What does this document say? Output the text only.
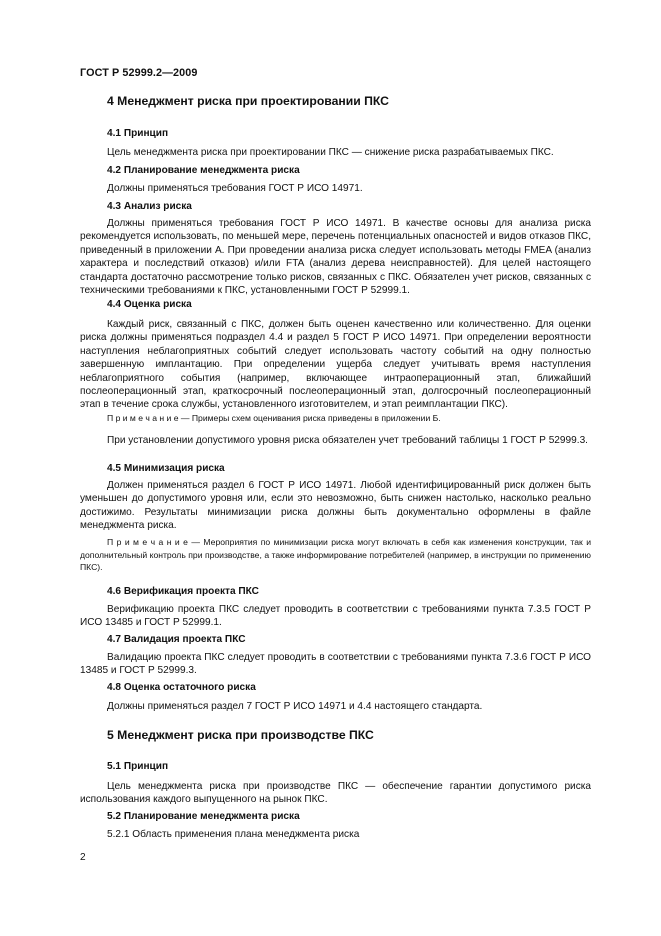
ГОСТ Р 52999.2—2009
4 Менеджмент риска при проектировании ПКС
4.1 Принцип
Цель менеджмента риска при проектировании ПКС — снижение риска разрабатываемых ПКС.
4.2 Планирование менеджмента риска
Должны применяться требования ГОСТ Р ИСО 14971.
4.3 Анализ риска
Должны применяться требования ГОСТ Р ИСО 14971. В качестве основы для анализа риска рекомендуется использовать, по меньшей мере, перечень потенциальных опасностей и видов отказов ПКС, приведенный в приложении А. При проведении анализа риска следует использовать методы FMEA (анализ характера и последствий отказов) и/или FTA (анализ дерева неисправностей). Для целей настоящего стандарта достаточно рассмотрение только рисков, связанных с ПКС. Обязателен учет рисков, связанных с техническими требованиями к ПКС, установленными ГОСТ Р 52999.1.
4.4 Оценка риска
Каждый риск, связанный с ПКС, должен быть оценен качественно или количественно. Для оценки риска должны применяться подраздел 4.4 и раздел 5 ГОСТ Р ИСО 14971. При определении вероятности наступления неблагоприятных событий следует использовать частоту событий на одну полностью завершенную имплантацию. При определении ущерба следует учитывать время наступления неблагоприятного события (например, включающее интраоперационный этап, ближайший послеоперационный этап, краткосрочный послеоперационный этап, долгосрочный послеоперационный этап в течение срока службы, установленного изготовителем, и этап реимплантации ПКС).
П р и м е ч а н и е — Примеры схем оценивания риска приведены в приложении Б.
При установлении допустимого уровня риска обязателен учет требований таблицы 1 ГОСТ Р 52999.3.
4.5 Минимизация риска
Должен применяться раздел 6 ГОСТ Р ИСО 14971. Любой идентифицированный риск должен быть уменьшен до допустимого уровня или, если это невозможно, быть снижен настолько, насколько реально достижимо. Результаты минимизации риска должны быть документально оформлены в файле менеджмента риска.
П р и м е ч а н и е — Мероприятия по минимизации риска могут включать в себя как изменения конструкции, так и дополнительный контроль при производстве, а также информирование потребителей (например, в инструкции по применению ПКС).
4.6 Верификация проекта ПКС
Верификацию проекта ПКС следует проводить в соответствии с требованиями пункта 7.3.5 ГОСТ Р ИСО 13485 и ГОСТ Р 52999.1.
4.7 Валидация проекта ПКС
Валидацию проекта ПКС следует проводить в соответствии с требованиями пункта 7.3.6 ГОСТ Р ИСО 13485 и ГОСТ Р 52999.3.
4.8 Оценка остаточного риска
Должны применяться раздел 7 ГОСТ Р ИСО 14971 и 4.4 настоящего стандарта.
5 Менеджмент риска при производстве ПКС
5.1 Принцип
Цель менеджмента риска при производстве ПКС — обеспечение гарантии допустимого риска использования каждого выпущенного на рынок ПКС.
5.2 Планирование менеджмента риска
5.2.1 Область применения плана менеджмента риска
2
